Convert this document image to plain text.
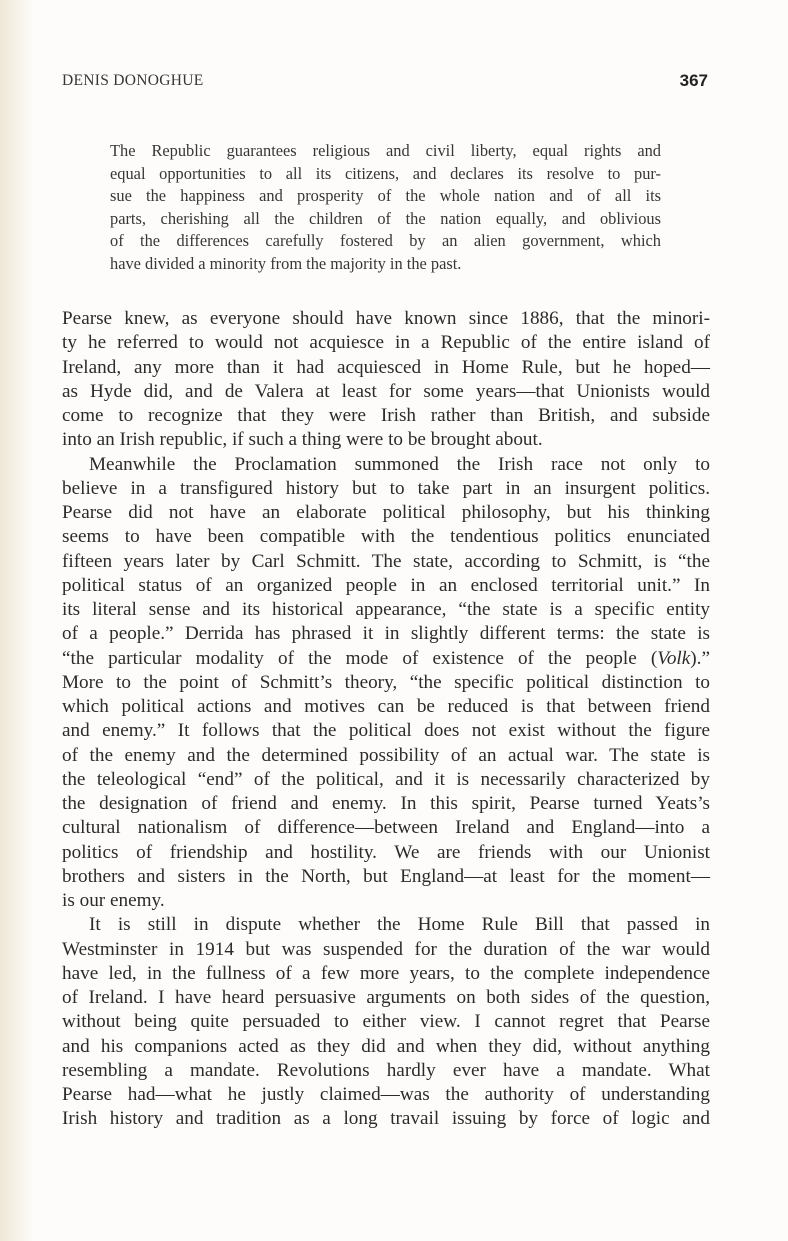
DENIS DONOGHUE	367
The Republic guarantees religious and civil liberty, equal rights and
equal opportunities to all its citizens, and declares its resolve to pur-
sue the happiness and prosperity of the whole nation and of all its
parts, cherishing all the children of the nation equally, and oblivious
of the differences carefully fostered by an alien government, which
have divided a minority from the majority in the past.

Pearse knew, as everyone should have known since 1886, that the minori-
ty he referred to would not acquiesce in a Republic of the entire island of
Ireland, any more than it had acquiesced in Home Rule, but he hoped—
as Hyde did, and de Valera at least for some years—that Unionists would
come to recognize that they were Irish rather than British, and subside
into an Irish republic, if such a thing were to be brought about.

Meanwhile the Proclamation summoned the Irish race not only to
believe in a transfigured history but to take part in an insurgent politics.
Pearse did not have an elaborate political philosophy, but his thinking
seems to have been compatible with the tendentious politics enunciated
fifteen years later by Carl Schmitt. The state, according to Schmitt, is “the
political status of an organized people in an enclosed territorial unit.” In
its literal sense and its historical appearance, “the state is a specific entity
of a people.” Derrida has phrased it in slightly different terms: the state is
“the particular modality of the mode of existence of the people (Volk).”
More to the point of Schmitt’s theory, “the specific political distinction to
which political actions and motives can be reduced is that between friend
and enemy.” It follows that the political does not exist without the figure
of the enemy and the determined possibility of an actual war. The state is
the teleological “end” of the political, and it is necessarily characterized by
the designation of friend and enemy. In this spirit, Pearse turned Yeats’s
cultural nationalism of difference—between Ireland and England—into a
politics of friendship and hostility. We are friends with our Unionist
brothers and sisters in the North, but England—at least for the moment—
is our enemy.

It is still in dispute whether the Home Rule Bill that passed in
Westminster in 1914 but was suspended for the duration of the war would
have led, in the fullness of a few more years, to the complete independence
of Ireland. I have heard persuasive arguments on both sides of the question,
without being quite persuaded to either view. I cannot regret that Pearse
and his companions acted as they did and when they did, without anything
resembling a mandate. Revolutions hardly ever have a mandate. What
Pearse had—what he justly claimed—was the authority of understanding
Irish history and tradition as a long travail issuing by force of logic and
